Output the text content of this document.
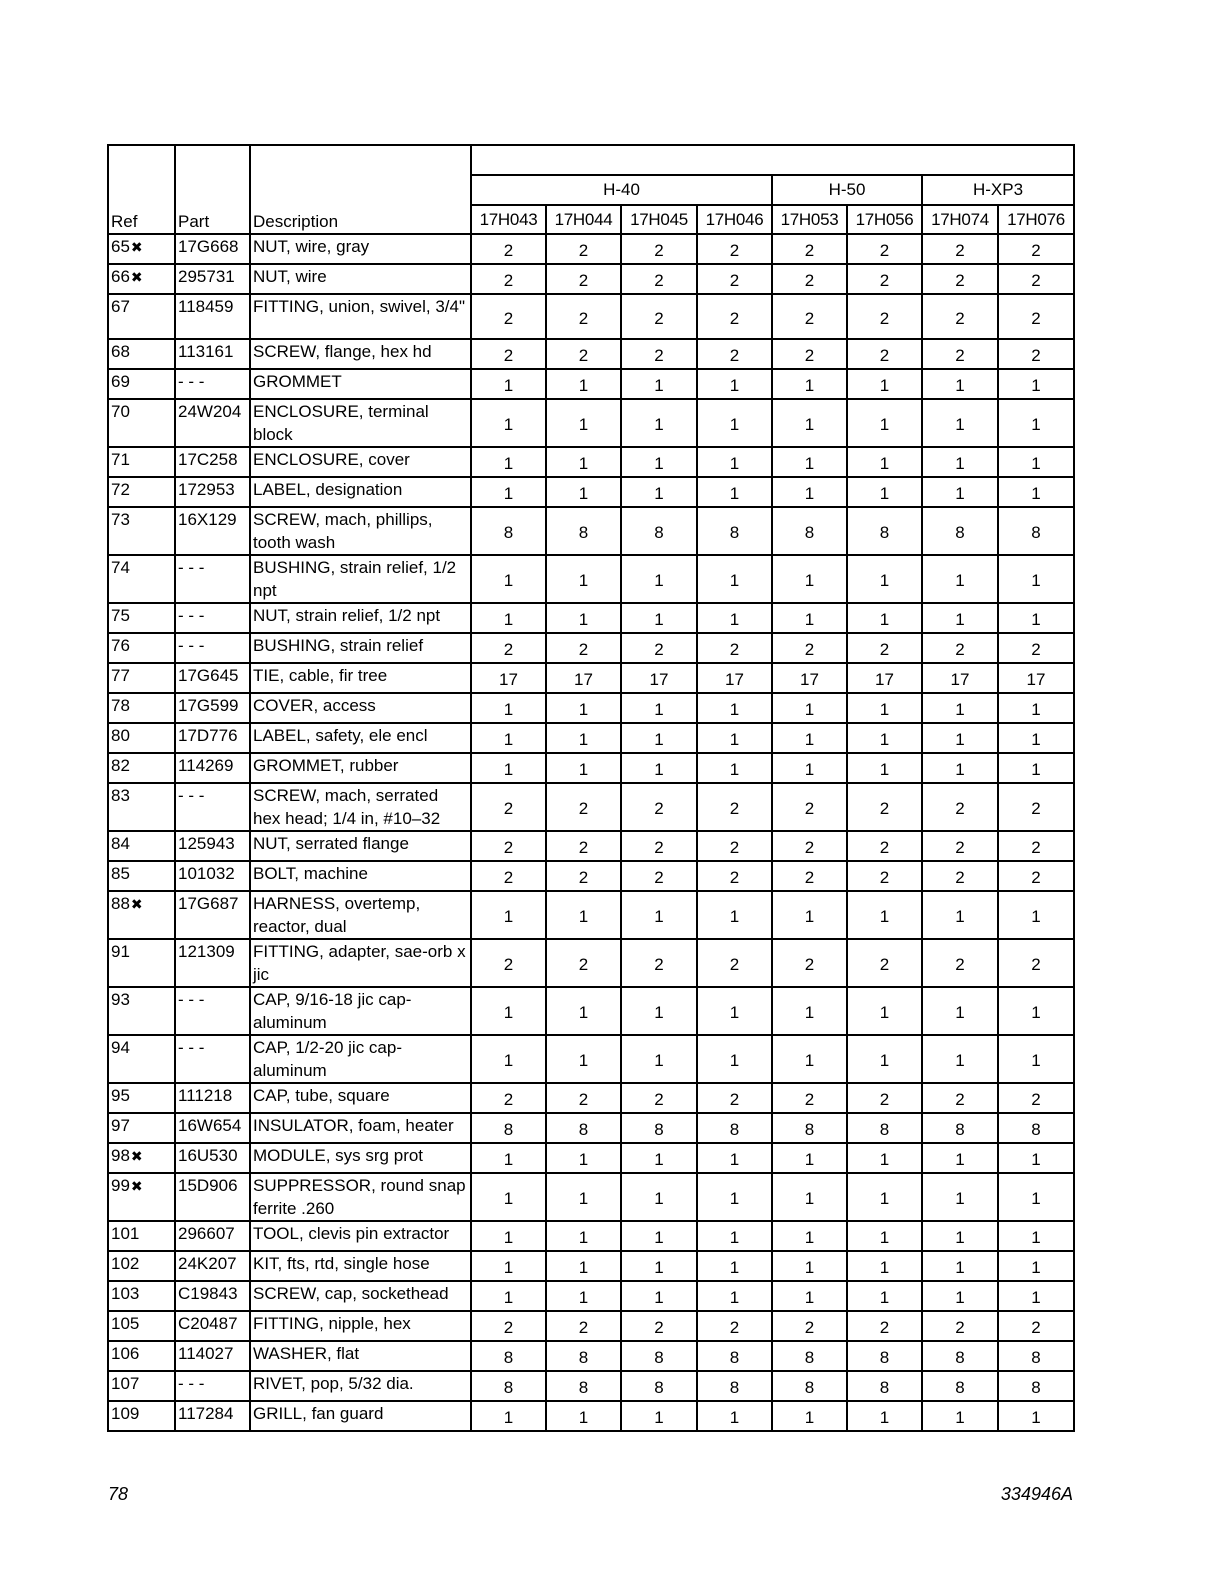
Ref	Part	Description								
			H-40				H-50		H-XP3	
			17H043	17H044	17H045	17H046	17H053	17H056	17H074	17H076
65✖	17G668	NUT, wire, gray	2	2	2	2	2	2	2	2
66✖	295731	NUT, wire	2	2	2	2	2	2	2	2
67	118459	FITTING, union, swivel, 3/4"	2	2	2	2	2	2	2	2
68	113161	SCREW, flange, hex hd	2	2	2	2	2	2	2	2
69	- - -	GROMMET	1	1	1	1	1	1	1	1
70	24W204	ENCLOSURE, terminal block	1	1	1	1	1	1	1	1
71	17C258	ENCLOSURE, cover	1	1	1	1	1	1	1	1
72	172953	LABEL, designation	1	1	1	1	1	1	1	1
73	16X129	SCREW, mach, phillips, tooth wash	8	8	8	8	8	8	8	8
74	- - -	BUSHING, strain relief, 1/2 npt	1	1	1	1	1	1	1	1
75	- - -	NUT, strain relief, 1/2 npt	1	1	1	1	1	1	1	1
76	- - -	BUSHING, strain relief	2	2	2	2	2	2	2	2
77	17G645	TIE, cable, fir tree	17	17	17	17	17	17	17	17
78	17G599	COVER, access	1	1	1	1	1	1	1	1
80	17D776	LABEL, safety, ele encl	1	1	1	1	1	1	1	1
82	114269	GROMMET, rubber	1	1	1	1	1	1	1	1
83	- - -	SCREW, mach, serrated hex head; 1/4 in, #10–32	2	2	2	2	2	2	2	2
84	125943	NUT, serrated flange	2	2	2	2	2	2	2	2
85	101032	BOLT, machine	2	2	2	2	2	2	2	2
88✖	17G687	HARNESS, overtemp, reactor, dual	1	1	1	1	1	1	1	1
91	121309	FITTING, adapter, sae-orb x jic	2	2	2	2	2	2	2	2
93	- - -	CAP, 9/16-18 jic cap-aluminum	1	1	1	1	1	1	1	1
94	- - -	CAP, 1/2-20 jic cap-aluminum	1	1	1	1	1	1	1	1
95	111218	CAP, tube, square	2	2	2	2	2	2	2	2
97	16W654	INSULATOR, foam, heater	8	8	8	8	8	8	8	8
98✖	16U530	MODULE, sys srg prot	1	1	1	1	1	1	1	1
99✖	15D906	SUPPRESSOR, round snap ferrite .260	1	1	1	1	1	1	1	1
101	296607	TOOL, clevis pin extractor	1	1	1	1	1	1	1	1
102	24K207	KIT, fts, rtd, single hose	1	1	1	1	1	1	1	1
103	C19843	SCREW, cap, sockethead	1	1	1	1	1	1	1	1
105	C20487	FITTING, nipple, hex	2	2	2	2	2	2	2	2
106	114027	WASHER, flat	8	8	8	8	8	8	8	8
107	- - -	RIVET, pop, 5/32 dia.	8	8	8	8	8	8	8	8
109	117284	GRILL, fan guard	1	1	1	1	1	1	1	1
78	334946A
